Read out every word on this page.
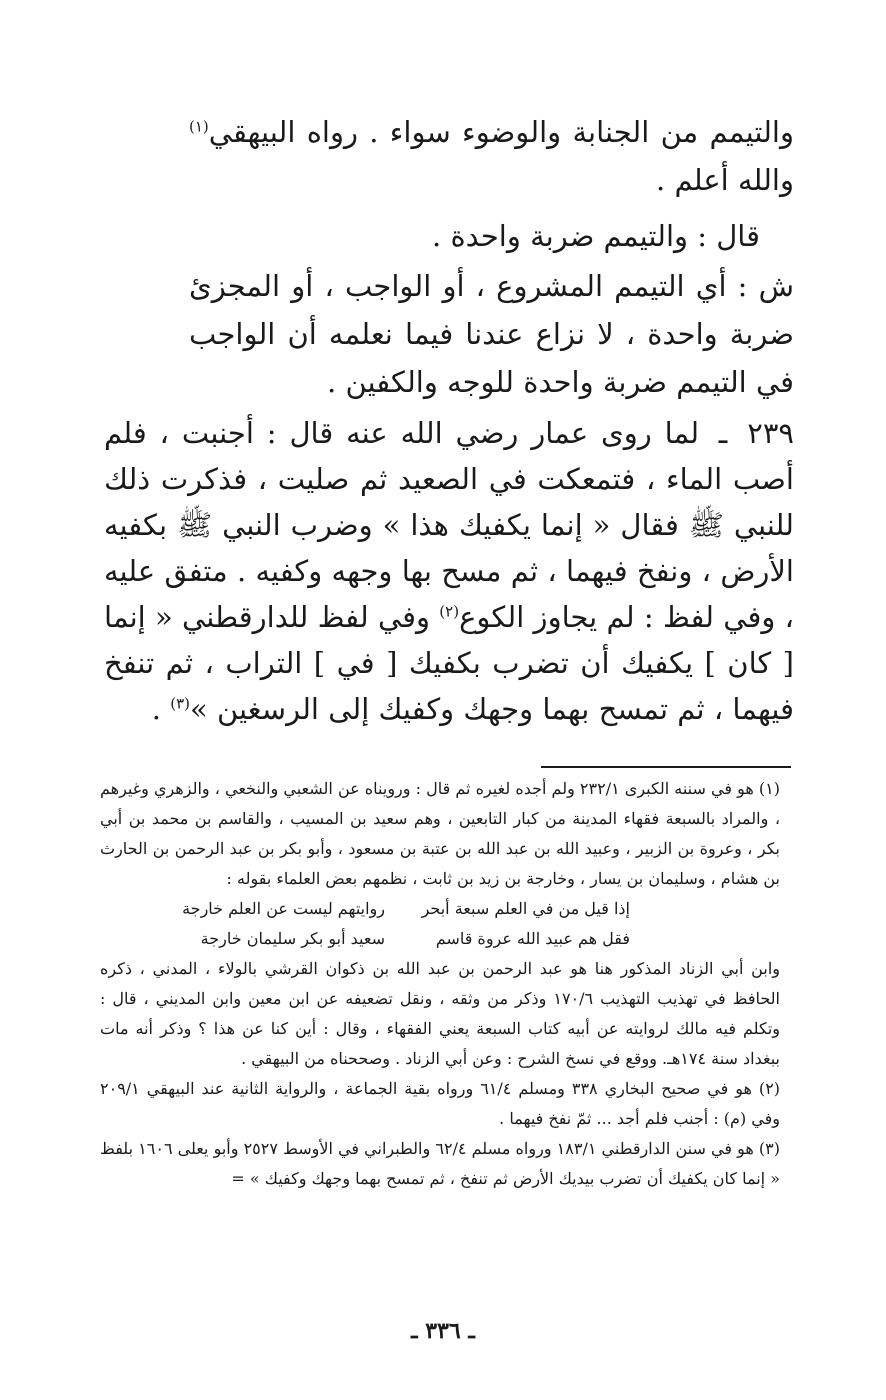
والتيمم من الجنابة والوضوء سواء . رواه البيهقي$^{(١)}$ والله أعلم .

قال : والتيمم ضربة واحدة .

ش : أي التيمم المشروع ، أو الواجب ، أو المجزئ ضربة واحدة ، لا نزاع عندنا فيما نعلمه أن الواجب في التيمم ضربة واحدة للوجه والكفين .

٢٣٩ـ لما روى عمار رضي الله عنه قال : أجنبت ، فلم أصب الماء ، فتمعكت في الصعيد ثم صليت ، فذكرت ذلك للنبي ﷺ فقال « إنما يكفيك هذا » وضرب النبي ﷺ بكفيه الأرض ، ونفخ فيهما ، ثم مسح بها وجهه وكفيه . متفق عليه ، وفي لفظ : لم يجاوز الكوع$^{(٢)}$ وفي لفظ للدارقطني « إنما [ كان ] يكفيك أن تضرب بكفيك [ في ] التراب ، ثم تنفخ فيهما ، ثم تمسح بهما وجهك وكفيك إلى الرسغين »$^{(٣)}$ .

(١) هو في سننه الكبرى ٢٣٢/١ ولم أجده لغيره ثم قال : ورويناه عن الشعبي والنخعي ، والزهري وغيرهم ، والمراد بالسبعة فقهاء المدينة من كبار التابعين ، وهم سعيد بن المسيب ، والقاسم بن محمد بن أبي بكر ، وعروة بن الزبير ، وعبيد الله بن عبد الله بن عتبة بن مسعود ، وأبو بكر بن عبد الرحمن بن الحارث بن هشام ، وسليمان بن يسار ، وخارجة بن زيد بن ثابت ، نظمهم بعض العلماء بقوله :

إذا قيل من في العلم سبعة أبحر
روايتهم ليست عن العلم خارجة
فقل هم عبيد الله عروة قاسم
سعيد أبو بكر سليمان خارجة

وابن أبي الزناد المذكور هنا هو عبد الرحمن بن عبد الله بن ذكوان القرشي بالولاء ، المدني ، ذكره الحافظ في تهذيب التهذيب ١٧٠/٦ وذكر من وثقه ، ونقل تضعيفه عن ابن معين وابن المديني ، قال : وتكلم فيه مالك لروايته عن أبيه كتاب السبعة يعني الفقهاء ، وقال : أين كنا عن هذا ؟ وذكر أنه مات ببغداد سنة ١٧٤هـ. ووقع في نسخ الشرح : وعن أبي الزناد . وصححناه من البيهقي .

(٢) هو في صحيح البخاري ٣٣٨ ومسلم ٦١/٤ ورواه بقية الجماعة ، والرواية الثانية عند البيهقي ٢٠٩/١ وفي (م) : أجنب فلم أجد ... ثمّ نفخ فيهما .

(٣) هو في سنن الدارقطني ١٨٣/١ ورواه مسلم ٦٢/٤ والطبراني في الأوسط ٢٥٢٧ وأبو يعلى ١٦٠٦ بلفظ « إنما كان يكفيك أن تضرب بيديك الأرض ثم تنفخ ، ثم تمسح بهما وجهك وكفيك » =

ـ ٣٣٦ ـ
